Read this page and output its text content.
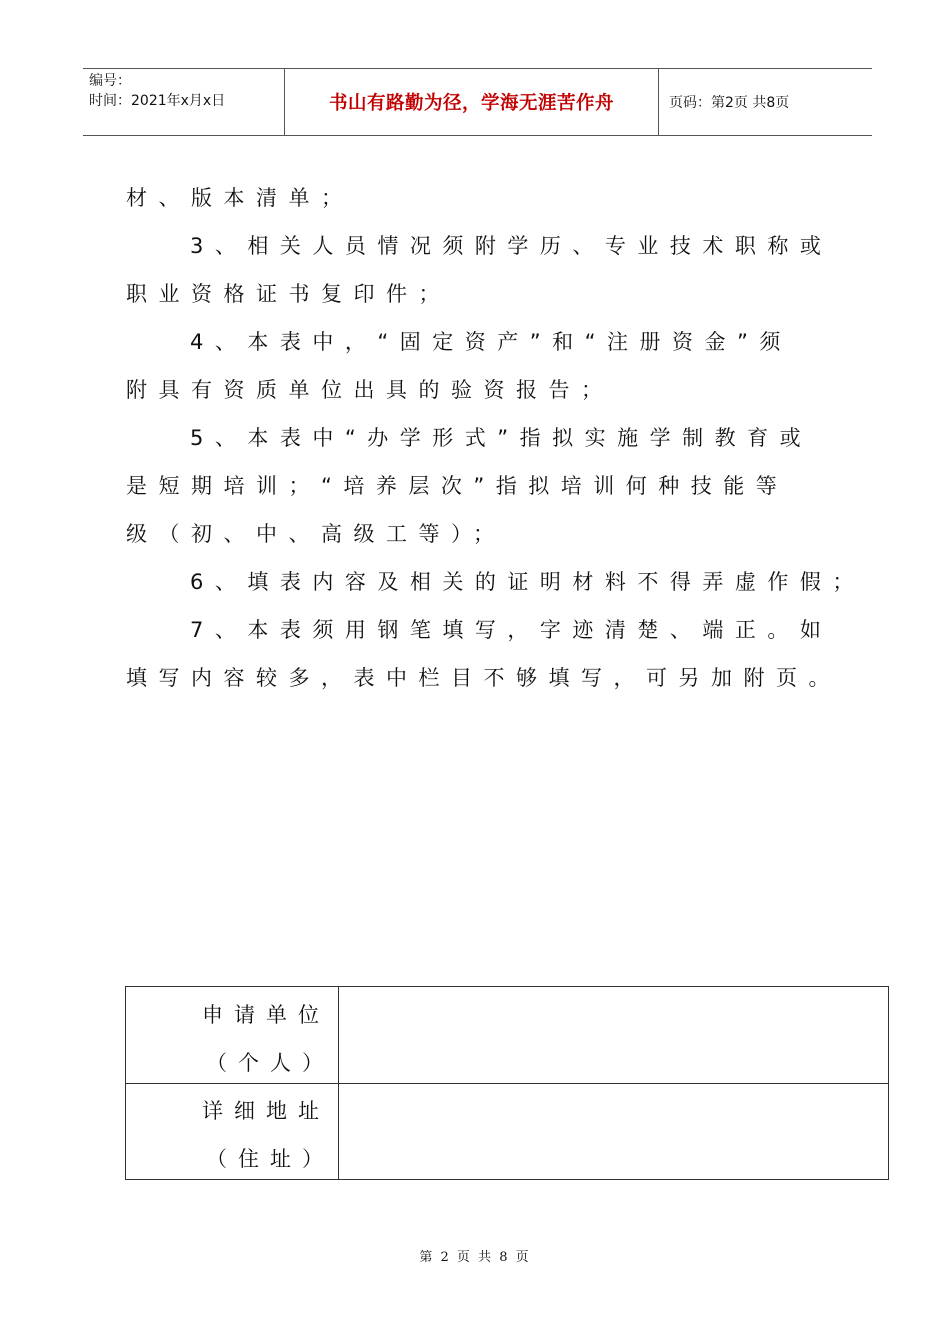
编号：
时间：2021年x月x日	书山有路勤为径，学海无涯苦作舟	页码：第2页 共8页
材、版本清单；
3、相关人员情况须附学历、专业技术职称或
职业资格证书复印件；
4、本表中，“固定资产”和“注册资金”须
附具有资质单位出具的验资报告；
5、本表中“办学形式”指拟实施学制教育或
是短期培训；“培养层次”指拟培训何种技能等
级（初、中、高级工等）；
6、填表内容及相关的证明材料不得弄虚作假；
7、本表须用钢笔填写，字迹清楚、端正。如
填写内容较多，表中栏目不够填写，可另加附页。
申请单位
（个人）
详细地址
（住址）
第 2 页 共 8 页
